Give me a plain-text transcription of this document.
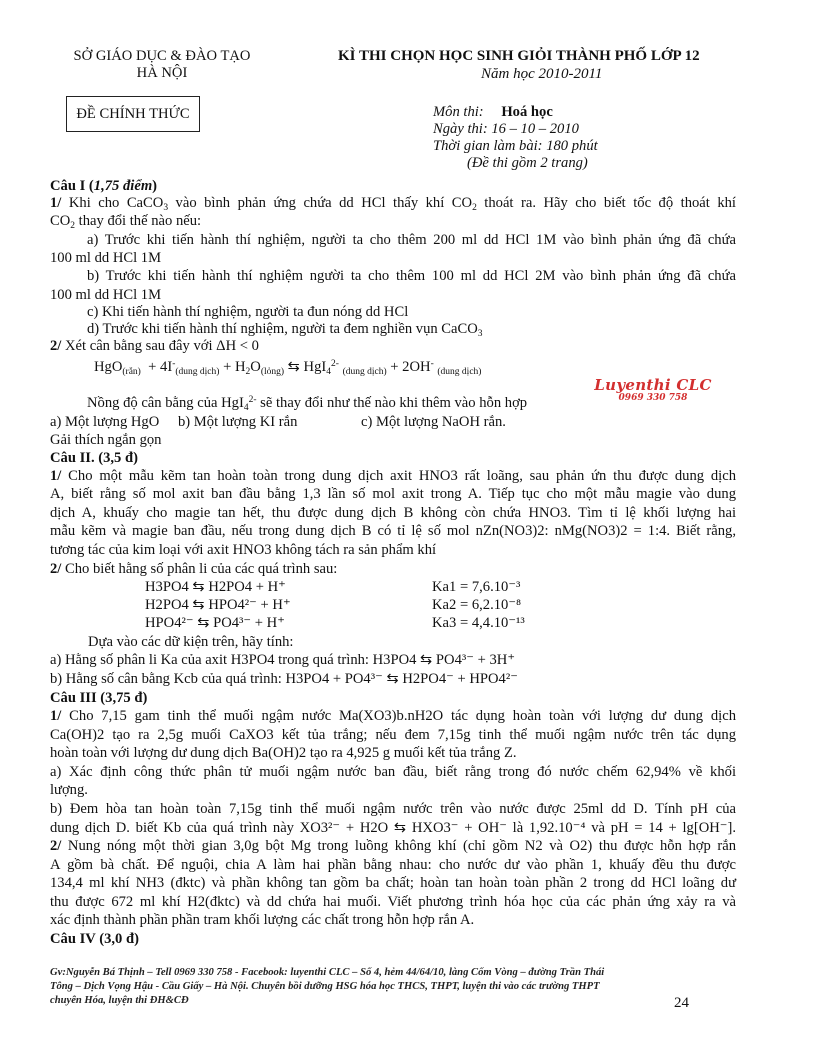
SỞ GIÁO DỤC & ĐÀO TẠO
HÀ NỘI
ĐỀ CHÍNH THỨC
KÌ THI CHỌN HỌC SINH GIỎI THÀNH PHỐ LỚP 12
Năm học 2010-2011
Môn thi: Hoá học
Ngày thi: 16 – 10 – 2010
Thời gian làm bài: 180 phút
(Đề thi gồm 2 trang)
Câu I (1,75 điểm)
1/ Khi cho CaCO$_3$ vào bình phản ứng chứa dd HCl thấy khí $CO_2$ thoát ra. Hãy cho biết tốc độ thoát khí
$CO_2$ thay đổi thế nào nếu:
a) Trước khi tiến hành thí nghiệm, người ta cho thêm 200 ml dd HCl 1M vào bình phản ứng đã chứa
100 ml dd HCl 1M
b) Trước khi tiến hành thí nghiệm người ta cho thêm 100 ml dd HCl 2M vào bình phản ứng đã chứa
100 ml dd HCl 1M
c) Khi tiến hành thí nghiệm, người ta đun nóng dd HCl
d) Trước khi tiến hành thí nghiệm, người ta đem nghiền vụn CaCO$_3$
2/ Xét cân bằng sau đây với ΔH < 0
$HgO_{(rắn)} + 4I^-_{(dung dịch)} + H_2O_{(lỏng)}$ ⇆ HgI$_4^{2-}$ $_{(dung dịch)}$ + 2OH- $_{(dung dịch)}$
Nồng độ cân bằng của HgI$_4^{2-}$ sẽ thay đổi như thế nào khi thêm vào hỗn hợp
a) Một lượng HgO b) Một lượng KI rắn	c) Một lượng NaOH rắn.
Gải thích ngắn gọn
Luyenthi CLC
0969 330 758
Câu II. (3,5 đ)
1/ Cho một mẫu kẽm tan hoàn toàn trong dung dịch axit HNO3 rất loãng, sau phản ứn thu được dung dịch
A, biết rằng số mol axit ban đầu bằng 1,3 lần số mol axit trong A. Tiếp tục cho một mẫu magie vào dung
dịch A, khuấy cho magie tan hết, thu được dung dịch B không còn chứa HNO3. Tìm tỉ lệ khối lượng hai
mẫu kẽm và magie ban đầu, nếu trong dung dịch B có tỉ lệ số mol nZn(NO3)2: nMg(NO3)2 = 1:4. Biết rằng,
tương tác của kim loại với axit HNO3 không tách ra sản phẩm khí
2/ Cho biết hằng số phân li của các quá trình sau:
H3PO4 ⇆ H2PO4 + H⁺	Ka1 = 7,6.10⁻³
H2PO4 ⇆ HPO4²⁻ + H⁺	Ka2 = 6,2.10⁻⁸
HPO4²⁻ ⇆ PO4³⁻ + H⁺	Ka3 = 4,4.10⁻¹³
Dựa vào các dữ kiện trên, hãy tính:
a) Hằng số phân li Ka của axit H3PO4 trong quá trình: H3PO4 ⇆ PO4³⁻ + 3H⁺
b) Hằng số cân bằng Kcb của quá trình: H3PO4 + PO4³⁻ ⇆ H2PO4⁻ + HPO4²⁻
Câu III (3,75 đ)
1/ Cho 7,15 gam tinh thể muối ngậm nước Ma(XO3)b.nH2O tác dụng hoàn toàn với lượng dư dung dịch
Ca(OH)2 tạo ra 2,5g muối CaXO3 kết tủa trắng; nếu đem 7,15g tinh thể muối ngậm nước trên tác dụng
hoàn toàn với lượng dư dung dịch Ba(OH)2 tạo ra 4,925 g muối kết tủa trắng Z.
a) Xác định công thức phân tử muối ngậm nước ban đầu, biết rằng trong đó nước chếm 62,94% về khối
lượng.
b) Đem hòa tan hoàn toàn 7,15g tinh thể muối ngậm nước trên vào nước được 25ml dd D. Tính pH của
dung dịch D. biết Kb của quá trình này XO3²⁻ + H2O ⇆ HXO3⁻ + OH⁻ là 1,92.10⁻⁴ và pH = 14 + lg[OH⁻].
2/ Nung nóng một thời gian 3,0g bột Mg trong luồng không khí (chỉ gồm N2 và O2) thu được hỗn hợp rắn
A gồm bà chất. Để nguội, chia A làm hai phần bằng nhau: cho nước dư vào phần 1, khuấy đều thu được
134,4 ml khí NH3 (đktc) và phần không tan gồm ba chất; hoàn tan hoàn toàn phần 2 trong dd HCl loãng dư
thu được 672 ml khí H2(đktc) và dd chứa hai muối. Viết phương trình hóa học của các phản ứng xảy ra và
xác định thành phần phần tram khối lượng các chất trong hỗn hợp rắn A.
Câu IV (3,0 đ)
Gv:Nguyễn Bá Thịnh – Tell 0969 330 758 - Facebook: luyenthi CLC – Số 4, hẻm 44/64/10, làng Cốm Vòng – đường Trần Thái
Tông – Dịch Vọng Hậu - Cầu Giấy – Hà Nội. Chuyên bồi dưỡng HSG hóa học THCS, THPT, luyện thi vào các trường THPT
chuyên Hóa, luyện thi ĐH&CĐ	24
